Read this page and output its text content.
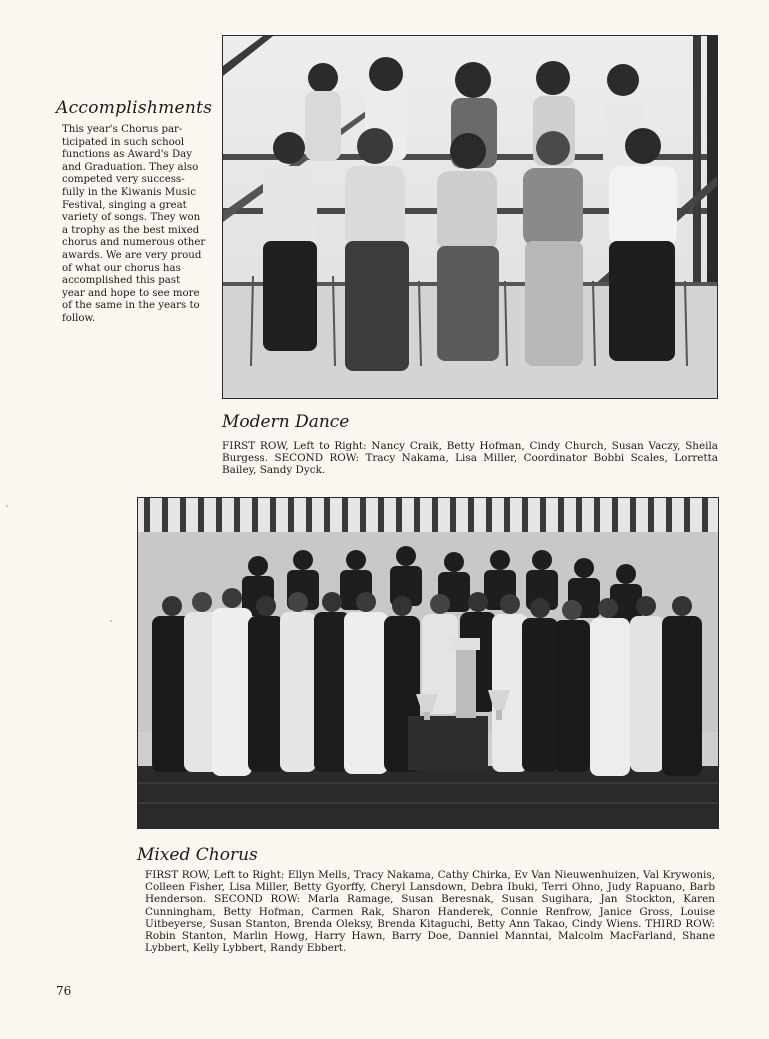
Accomplishments
This year's Chorus par-
ticipated in such school
functions as Award's Day
and Graduation. They also
competed very success-
fully in the Kiwanis Music
Festival, singing a great
variety of songs. They won
a trophy as the best mixed
chorus and numerous other
awards. We are very proud
of what our chorus has
accomplished this past
year and hope to see more
of the same in the years to
follow.
Modern Dance
FIRST ROW, Left to Right: Nancy Craik, Betty Hofman, Cindy Church, Susan Vaczy, Sheila Burgess. SECOND ROW: Tracy Nakama, Lisa Miller, Coordinator Bobbi Scales, Lorretta Bailey, Sandy Dyck.
Mixed Chorus
FIRST ROW, Left to Right: Ellyn Mells, Tracy Nakama, Cathy Chirka, Ev Van Nieuwenhuizen, Val Krywonis, Colleen Fisher, Lisa Miller, Betty Gyorffy, Cheryl Lansdown, Debra Ibuki, Terri Ohno, Judy Rapuano, Barb Henderson. SECOND ROW: Marla Ramage, Susan Beresnak, Susan Sugihara, Jan Stockton, Karen Cunningham, Betty Hofman, Carmen Rak, Sharon Handerek, Connie Renfrow, Janice Gross, Louise Uitbeyerse, Susan Stanton, Brenda Oleksy, Brenda Kitaguchi, Betty Ann Takao, Cindy Wiens. THIRD ROW: Robin Stanton, Marlin Howg, Harry Hawn, Barry Doe, Danniel Manntai, Malcolm MacFarland, Shane Lybbert, Kelly Lybbert, Randy Ebbert.
76
